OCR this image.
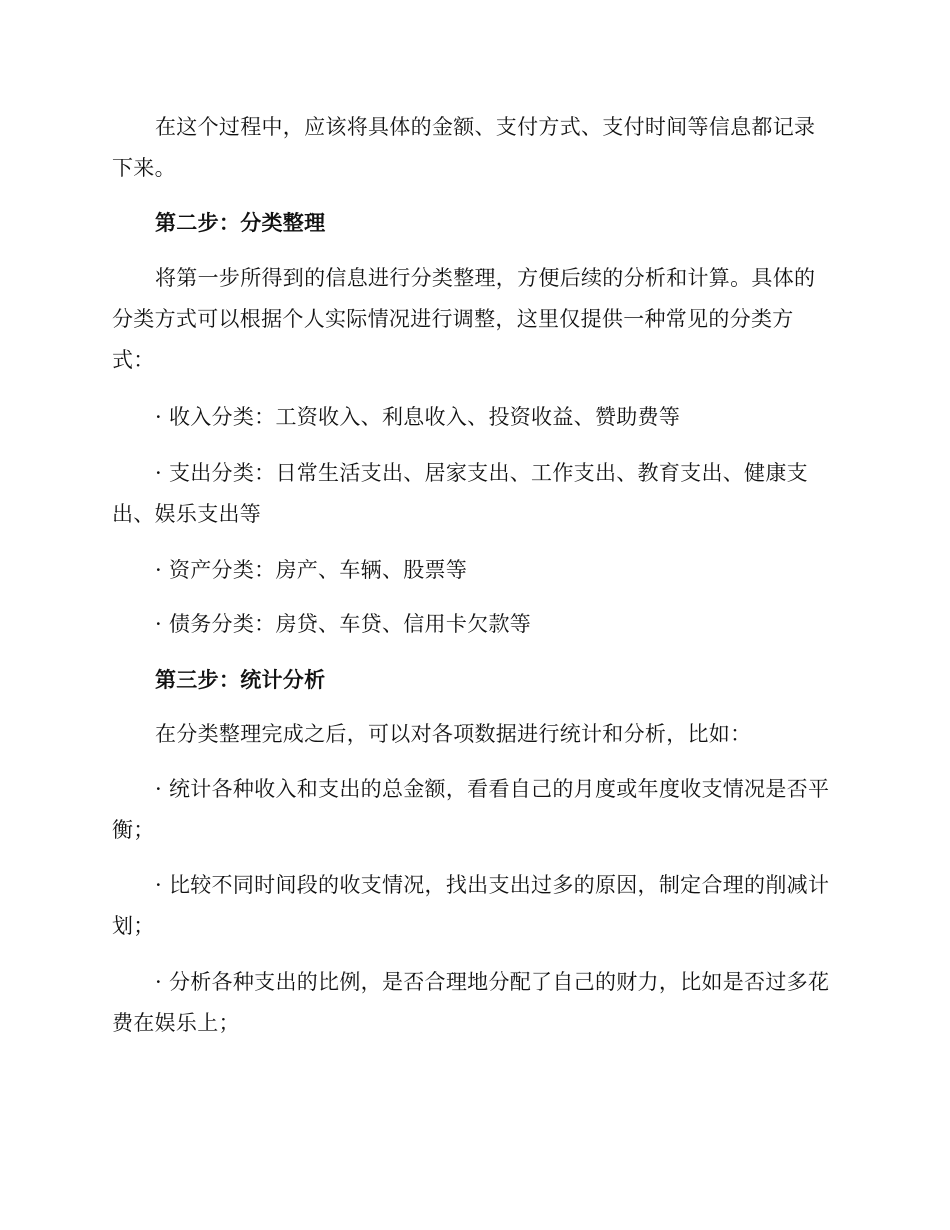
在这个过程中，应该将具体的金额、支付方式、支付时间等信息都记录下来。

第二步：分类整理

将第一步所得到的信息进行分类整理，方便后续的分析和计算。具体的分类方式可以根据个人实际情况进行调整，这里仅提供一种常见的分类方式：

· 收入分类：工资收入、利息收入、投资收益、赞助费等

· 支出分类：日常生活支出、居家支出、工作支出、教育支出、健康支出、娱乐支出等

· 资产分类：房产、车辆、股票等

· 债务分类：房贷、车贷、信用卡欠款等

第三步：统计分析

在分类整理完成之后，可以对各项数据进行统计和分析，比如：

· 统计各种收入和支出的总金额，看看自己的月度或年度收支情况是否平衡；

· 比较不同时间段的收支情况，找出支出过多的原因，制定合理的削减计划；

· 分析各种支出的比例，是否合理地分配了自己的财力，比如是否过多花费在娱乐上；
